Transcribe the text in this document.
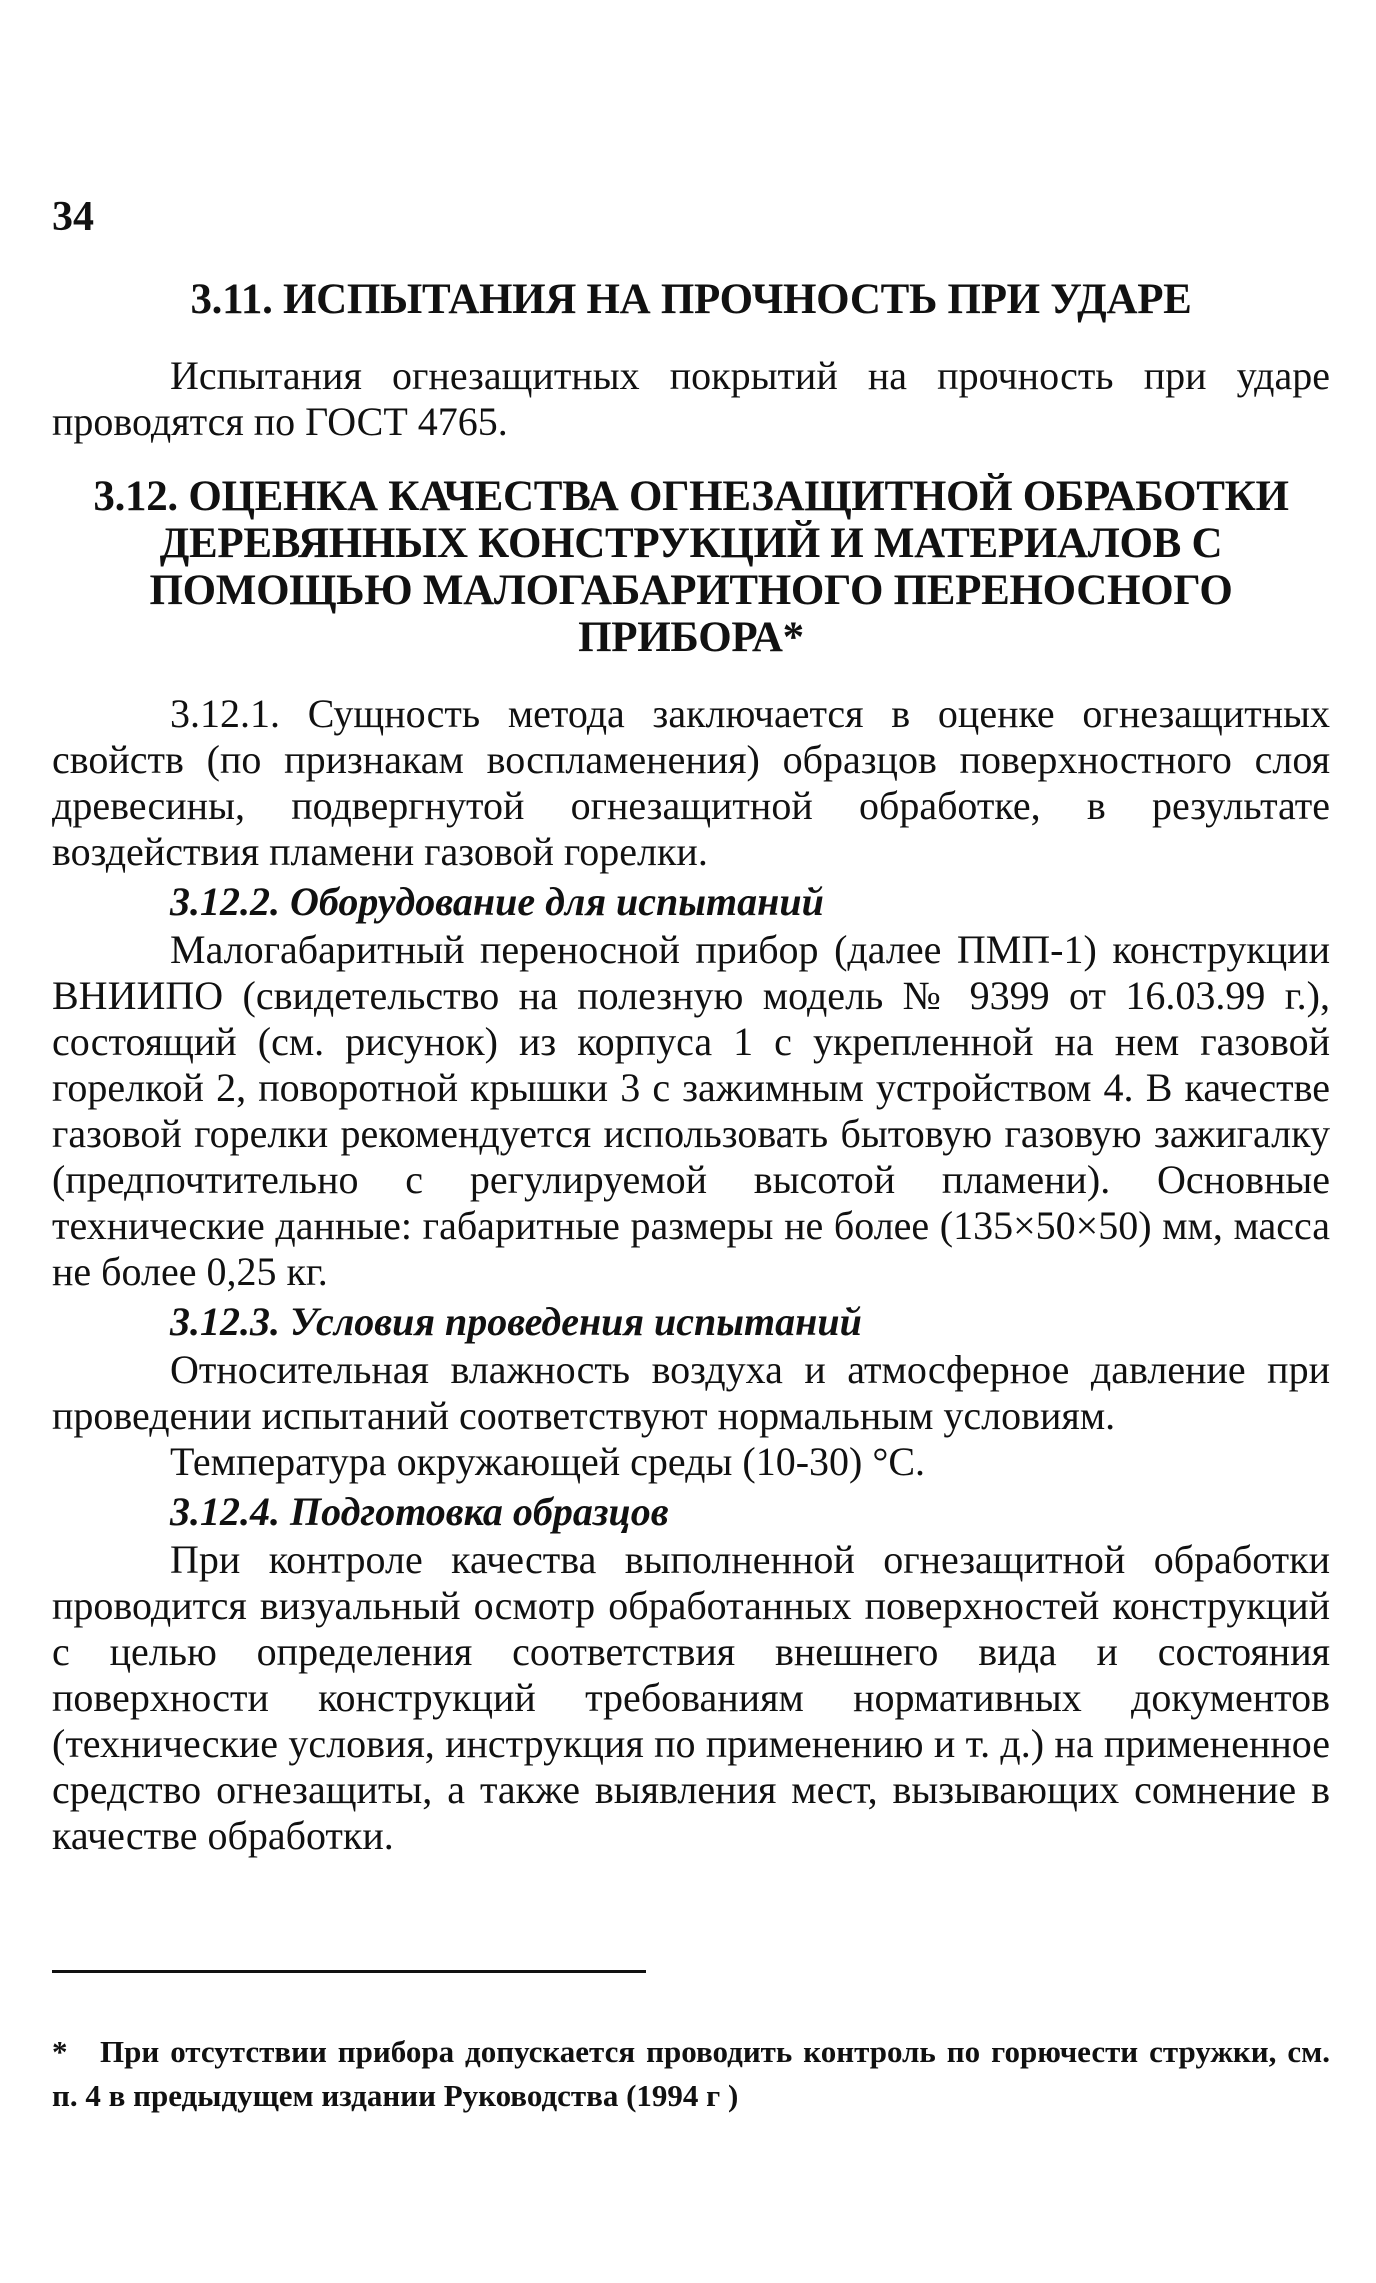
34
3.11. ИСПЫТАНИЯ НА ПРОЧНОСТЬ ПРИ УДАРЕ

Испытания огнезащитных покрытий на прочность при ударе проводятся по ГОСТ 4765.

3.12. ОЦЕНКА КАЧЕСТВА ОГНЕЗАЩИТНОЙ ОБРАБОТКИ ДЕРЕВЯННЫХ КОНСТРУКЦИЙ И МАТЕРИАЛОВ С ПОМОЩЬЮ МАЛОГАБАРИТНОГО ПЕРЕНОСНОГО ПРИБОРА*

3.12.1. Сущность метода заключается в оценке огнезащитных свойств (по признакам воспламенения) образцов поверхностного слоя древесины, подвергнутой огнезащитной обработке, в результате воздействия пламени газовой горелки.

3.12.2. Оборудование для испытаний

Малогабаритный переносной прибор (далее ПМП-1) конструкции ВНИИПО (свидетельство на полезную модель № 9399 от 16.03.99 г.), состоящий (см. рисунок) из корпуса 1 с укрепленной на нем газовой горелкой 2, поворотной крышки 3 с зажимным устройством 4. В качестве газовой горелки рекомендуется использовать бытовую газовую зажигалку (предпочтительно с регулируемой высотой пламени). Основные технические данные: габаритные размеры не более (135×50×50) мм, масса не более 0,25 кг.

3.12.3. Условия проведения испытаний

Относительная влажность воздуха и атмосферное давление при проведении испытаний соответствуют нормальным условиям.

Температура окружающей среды (10-30) °С.

3.12.4. Подготовка образцов

При контроле качества выполненной огнезащитной обработки проводится визуальный осмотр обработанных поверхностей конструкций с целью определения соответствия внешнего вида и состояния поверхности конструкций требованиям нормативных документов (технические условия, инструкция по применению и т. д.) на примененное средство огнезащиты, а также выявления мест, вызывающих сомнение в качестве обработки.

* При отсутствии прибора допускается проводить контроль по горючести стружки, см. п. 4 в предыдущем издании Руководства (1994 г )
